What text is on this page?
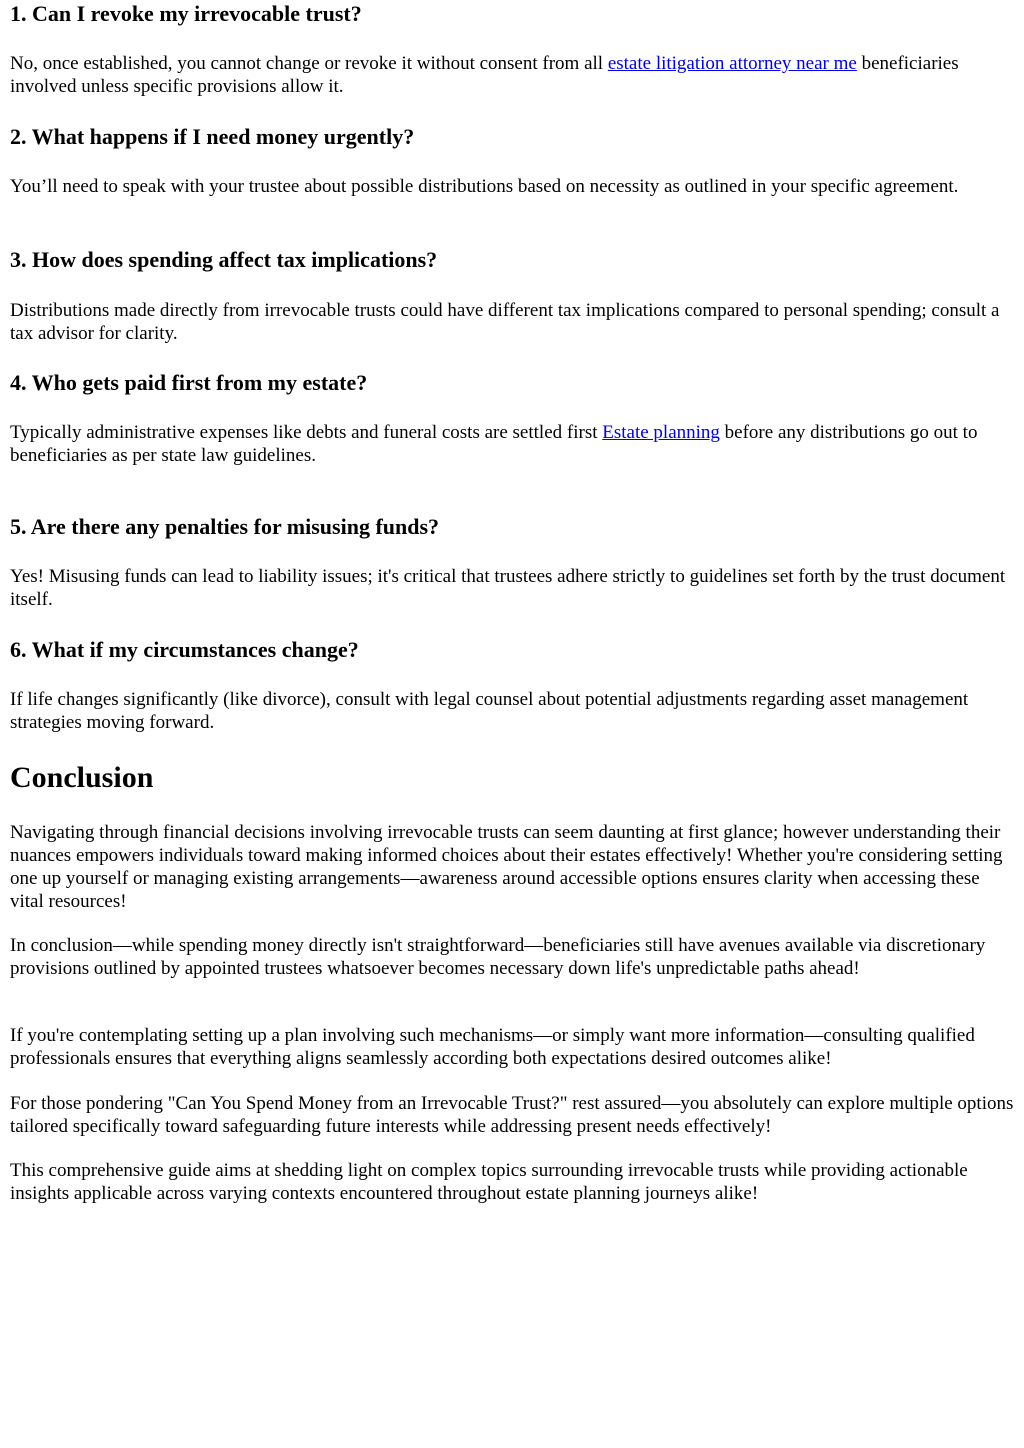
1. Can I revoke my irrevocable trust?

No, once established, you cannot change or revoke it without consent from all estate litigation attorney near me beneficiaries involved unless specific provisions allow it.

2. What happens if I need money urgently?

You’ll need to speak with your trustee about possible distributions based on necessity as outlined in your specific agreement.

3. How does spending affect tax implications?

Distributions made directly from irrevocable trusts could have different tax implications compared to personal spending; consult a tax advisor for clarity.

4. Who gets paid first from my estate?

Typically administrative expenses like debts and funeral costs are settled first Estate planning before any distributions go out to beneficiaries as per state law guidelines.

5. Are there any penalties for misusing funds?

Yes! Misusing funds can lead to liability issues; it's critical that trustees adhere strictly to guidelines set forth by the trust document itself.

6. What if my circumstances change?

If life changes significantly (like divorce), consult with legal counsel about potential adjustments regarding asset management strategies moving forward.

Conclusion

Navigating through financial decisions involving irrevocable trusts can seem daunting at first glance; however understanding their nuances empowers individuals toward making informed choices about their estates effectively! Whether you're considering setting one up yourself or managing existing arrangements—awareness around accessible options ensures clarity when accessing these vital resources!

In conclusion—while spending money directly isn't straightforward—beneficiaries still have avenues available via discretionary provisions outlined by appointed trustees whatsoever becomes necessary down life's unpredictable paths ahead!

If you're contemplating setting up a plan involving such mechanisms—or simply want more information—consulting qualified professionals ensures that everything aligns seamlessly according both expectations desired outcomes alike!

For those pondering "Can You Spend Money from an Irrevocable Trust?" rest assured—you absolutely can explore multiple options tailored specifically toward safeguarding future interests while addressing present needs effectively!

This comprehensive guide aims at shedding light on complex topics surrounding irrevocable trusts while providing actionable insights applicable across varying contexts encountered throughout estate planning journeys alike!
